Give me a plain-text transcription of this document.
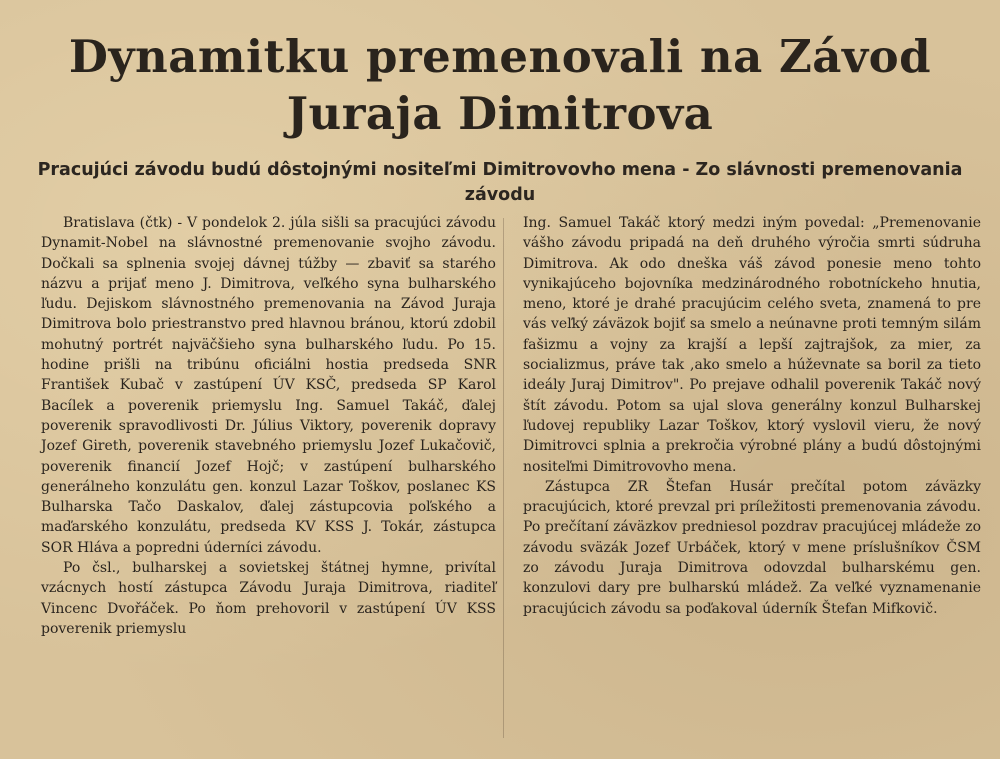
Dynamitku premenovali na Závod
Juraja Dimitrova
Pracujúci závodu budú dôstojnými nositeľmi Dimitrovovho mena - Zo slávnosti premenovania závodu

Bratislava (čtk) - V pondelok 2. júla sišli sa pracujúci závodu Dynamit-Nobel na slávnostné premenovanie svojho závodu. Dočkali sa splnenia svojej dávnej túžby — zbaviť sa starého názvu a prijať meno J. Dimitrova, veľkého syna bulharského ľudu. Dejiskom slávnostného premenovania na Závod Juraja Dimitrova bolo priestranstvo pred hlavnou bránou, ktorú zdobil mohutný portrét najväčšieho syna bulharského ľudu. Po 15. hodine prišli na tribúnu oficiálni hostia predseda SNR František Kubač v zastúpení ÚV KSČ, predseda SP Karol Bacílek a poverenik priemyslu Ing. Samuel Takáč, ďalej poverenik spravodlivosti Dr. Július Viktory, poverenik dopravy Jozef Gireth, poverenik stavebného priemyslu Jozef Lukačovič, poverenik financií Jozef Hojč; v zastúpení bulharského generálneho konzulátu gen. konzul Lazar Toškov, poslanec KS Bulharska Tačo Daskalov, ďalej zástupcovia poľského a maďarského konzulátu, predseda KV KSS J. Tokár, zástupca SOR Hláva a popredni úderníci závodu.

Po čsl., bulharskej a sovietskej štátnej hymne, privítal vzácnych hostí zástupca Závodu Juraja Dimitrova, riaditeľ Vincenc Dvořáček. Po ňom prehovoril v zastúpení ÚV KSS poverenik priemyslu

Ing. Samuel Takáč ktorý medzi iným povedal: „Premenovanie vášho závodu pripadá na deň druhého výročia smrti súdruha Dimitrova. Ak odo dneška váš závod ponesie meno tohto vynikajúceho bojovníka medzinárodného robotníckeho hnutia, meno, ktoré je drahé pracujúcim celého sveta, znamená to pre vás veľký záväzok bojiť sa smelo a neúnavne proti temným silám fašizmu a vojny za krajší a lepší zajtrajšok, za mier, za socializmus, práve tak ,ako smelo a húževnate sa boril za tieto ideály Juraj Dimitrov". Po prejave odhalil poverenik Takáč nový štít závodu. Potom sa ujal slova generálny konzul Bulharskej ľudovej republiky Lazar Toškov, ktorý vyslovil vieru, že nový Dimitrovci splnia a prekročia výrobné plány a budú dôstojnými nositeľmi Dimitrovovho mena.

Zástupca ZR Štefan Husár prečítal potom záväzky pracujúcich, ktoré prevzal pri príležitosti premenovania závodu. Po prečítaní záväzkov predniesol pozdrav pracujúcej mládeže zo závodu sväzák Jozef Urbáček, ktorý v mene príslušníkov ČSM zo závodu Juraja Dimitrova odovzdal bulharskému gen. konzulovi dary pre bulharskú mládež. Za veľké vyznamenanie pracujúcich závodu sa poďakoval úderník Štefan Mifkovič.
